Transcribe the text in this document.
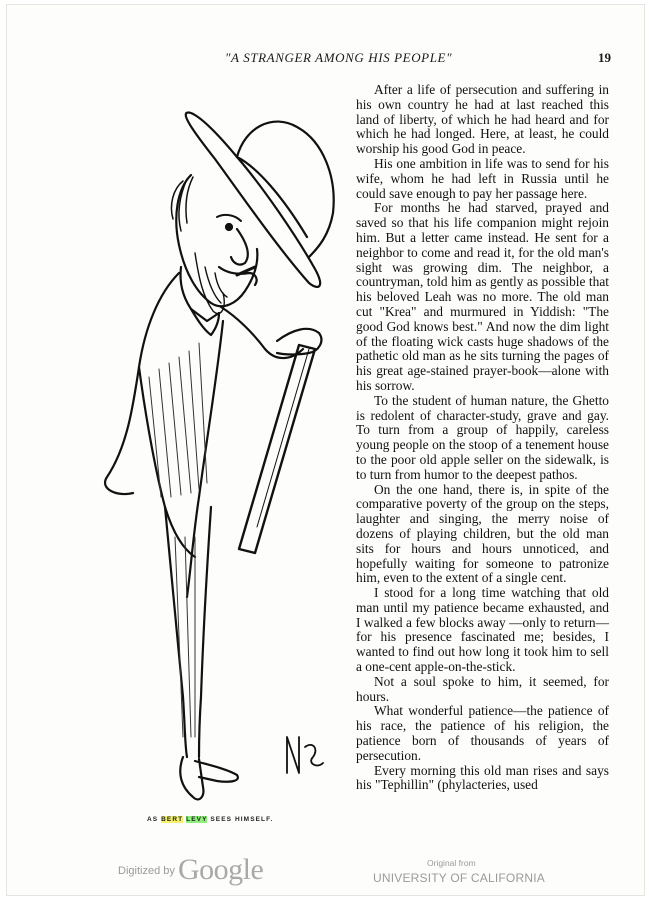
"A STRANGER AMONG HIS PEOPLE"	19
AS BERT LEVY SEES HIMSELF.

After a life of persecution and suffering in his own country he had at last reached this land of liberty, of which he had heard and for which he had longed. Here, at least, he could worship his good God in peace.

His one ambition in life was to send for his wife, whom he had left in Russia until he could save enough to pay her passage here.

For months he had starved, prayed and saved so that his life companion might rejoin him. But a letter came instead. He sent for a neighbor to come and read it, for the old man's sight was growing dim. The neighbor, a countryman, told him as gently as possible that his beloved Leah was no more. The old man cut "Krea" and murmured in Yiddish: "The good God knows best." And now the dim light of the floating wick casts huge shadows of the pathetic old man as he sits turning the pages of his great age-stained prayer-book—alone with his sorrow.

To the student of human nature, the Ghetto is redolent of character-study, grave and gay. To turn from a group of happily, careless young people on the stoop of a tenement house to the poor old apple seller on the sidewalk, is to turn from humor to the deepest pathos.

On the one hand, there is, in spite of the comparative poverty of the group on the steps, laughter and singing, the merry noise of dozens of playing children, but the old man sits for hours and hours unnoticed, and hopefully waiting for someone to patronize him, even to the extent of a single cent.

I stood for a long time watching that old man until my patience became exhausted, and I walked a few blocks away —only to return—for his presence fascinated me; besides, I wanted to find out how long it took him to sell a one-cent apple-on-the-stick.

Not a soul spoke to him, it seemed, for hours.

What wonderful patience—the patience of his race, the patience of his religion, the patience born of thousands of years of persecution.

Every morning this old man rises and says his "Tephillin" (phylacteries, used

Digitized by Google	Original from
UNIVERSITY OF CALIFORNIA
